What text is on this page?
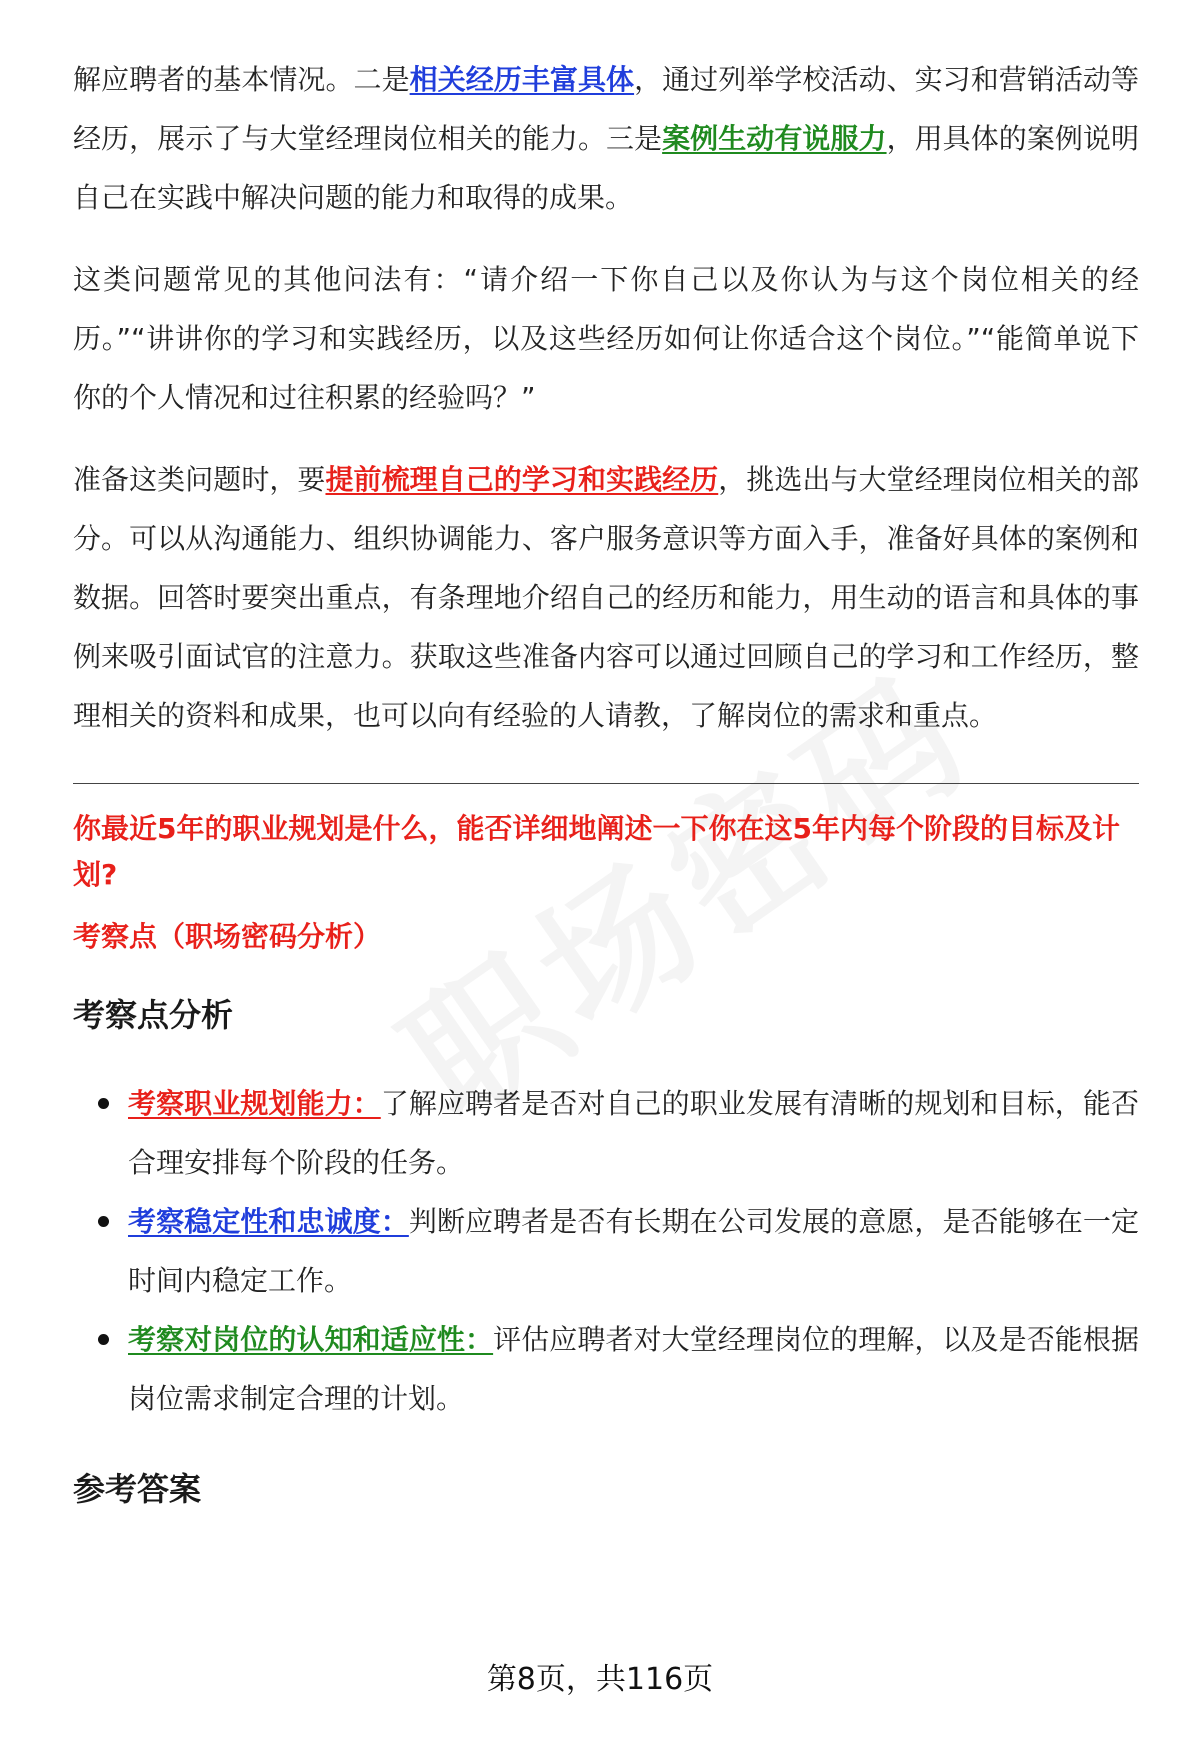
解应聘者的基本情况。二是相关经历丰富具体，通过列举学校活动、实习和营销活动等经历，展示了与大堂经理岗位相关的能力。三是案例生动有说服力，用具体的案例说明自己在实践中解决问题的能力和取得的成果。

这类问题常见的其他问法有：“请介绍一下你自己以及你认为与这个岗位相关的经历。”“讲讲你的学习和实践经历，以及这些经历如何让你适合这个岗位。”“能简单说下你的个人情况和过往积累的经验吗？”

准备这类问题时，要提前梳理自己的学习和实践经历，挑选出与大堂经理岗位相关的部分。可以从沟通能力、组织协调能力、客户服务意识等方面入手，准备好具体的案例和数据。回答时要突出重点，有条理地介绍自己的经历和能力，用生动的语言和具体的事例来吸引面试官的注意力。获取这些准备内容可以通过回顾自己的学习和工作经历，整理相关的资料和成果，也可以向有经验的人请教，了解岗位的需求和重点。

你最近5年的职业规划是什么，能否详细地阐述一下你在这5年内每个阶段的目标及计划?

考察点（职场密码分析）

考察点分析
考察职业规划能力：了解应聘者是否对自己的职业发展有清晰的规划和目标，能否合理安排每个阶段的任务。
考察稳定性和忠诚度：判断应聘者是否有长期在公司发展的意愿，是否能够在一定时间内稳定工作。
考察对岗位的认知和适应性：评估应聘者对大堂经理岗位的理解，以及是否能根据岗位需求制定合理的计划。
参考答案
第8页，共116页
